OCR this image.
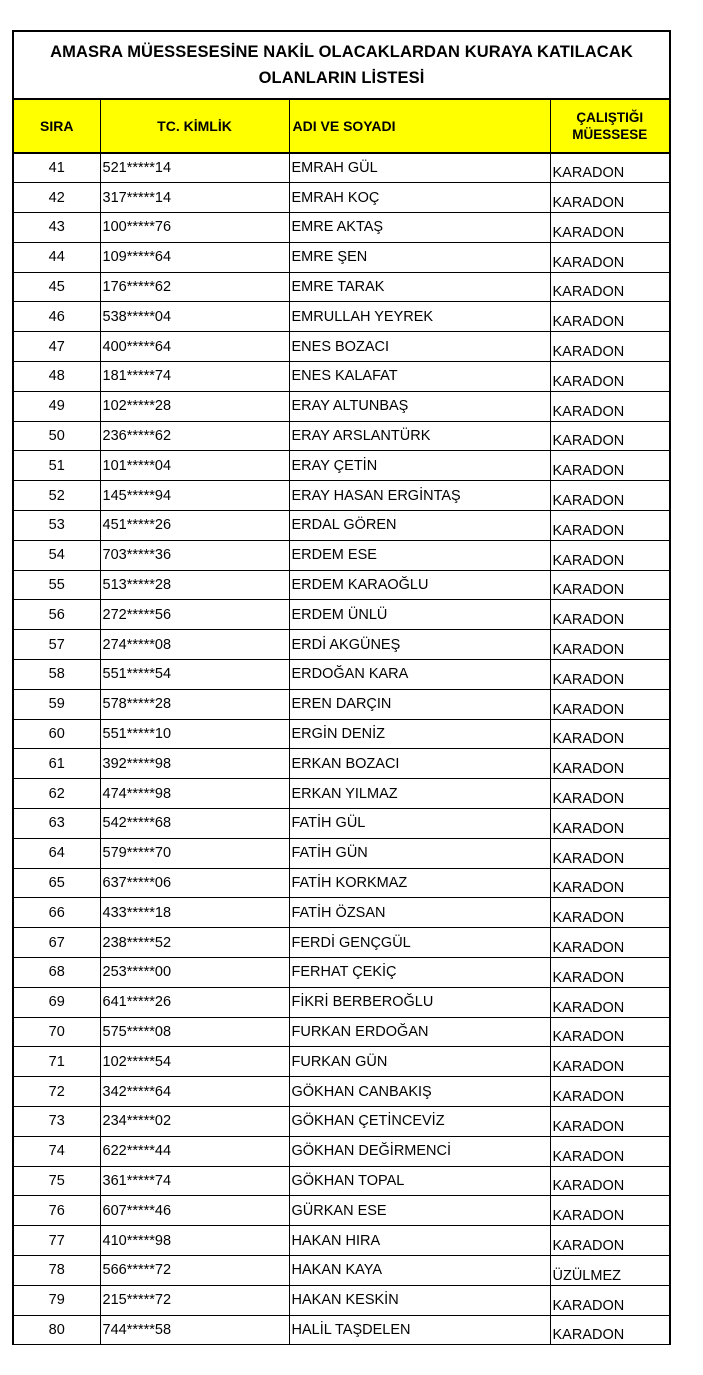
AMASRA MÜESSESESİNE NAKİL OLACAKLARDAN KURAYA KATILACAK
OLANLARIN LİSTESİ
SIRA	TC. KİMLİK	ADI VE SOYADI	ÇALIŞTIĞI
MÜESSESE

41	521*****14	EMRAH GÜL	KARADON
42	317*****14	EMRAH KOÇ	KARADON
43	100*****76	EMRE AKTAŞ	KARADON
44	109*****64	EMRE ŞEN	KARADON
45	176*****62	EMRE TARAK	KARADON
46	538*****04	EMRULLAH YEYREK	KARADON
47	400*****64	ENES BOZACI	KARADON
48	181*****74	ENES KALAFAT	KARADON
49	102*****28	ERAY ALTUNBAŞ	KARADON
50	236*****62	ERAY ARSLANTÜRK	KARADON
51	101*****04	ERAY ÇETİN	KARADON
52	145*****94	ERAY HASAN ERGİNTAŞ	KARADON
53	451*****26	ERDAL GÖREN	KARADON
54	703*****36	ERDEM ESE	KARADON
55	513*****28	ERDEM KARAOĞLU	KARADON
56	272*****56	ERDEM ÜNLÜ	KARADON
57	274*****08	ERDİ AKGÜNEŞ	KARADON
58	551*****54	ERDOĞAN KARA	KARADON
59	578*****28	EREN DARÇIN	KARADON
60	551*****10	ERGİN DENİZ	KARADON
61	392*****98	ERKAN BOZACI	KARADON
62	474*****98	ERKAN YILMAZ	KARADON
63	542*****68	FATİH GÜL	KARADON
64	579*****70	FATİH GÜN	KARADON
65	637*****06	FATİH KORKMAZ	KARADON
66	433*****18	FATİH ÖZSAN	KARADON
67	238*****52	FERDİ GENÇGÜL	KARADON
68	253*****00	FERHAT ÇEKİÇ	KARADON
69	641*****26	FİKRİ BERBEROĞLU	KARADON
70	575*****08	FURKAN ERDOĞAN	KARADON
71	102*****54	FURKAN GÜN	KARADON
72	342*****64	GÖKHAN CANBAKIŞ	KARADON
73	234*****02	GÖKHAN ÇETİNCEVİZ	KARADON
74	622*****44	GÖKHAN DEĞİRMENCİ	KARADON
75	361*****74	GÖKHAN TOPAL	KARADON
76	607*****46	GÜRKAN ESE	KARADON
77	410*****98	HAKAN HIRA	KARADON
78	566*****72	HAKAN KAYA	ÜZÜLMEZ
79	215*****72	HAKAN KESKİN	KARADON
80	744*****58	HALİL TAŞDELEN	KARADON
